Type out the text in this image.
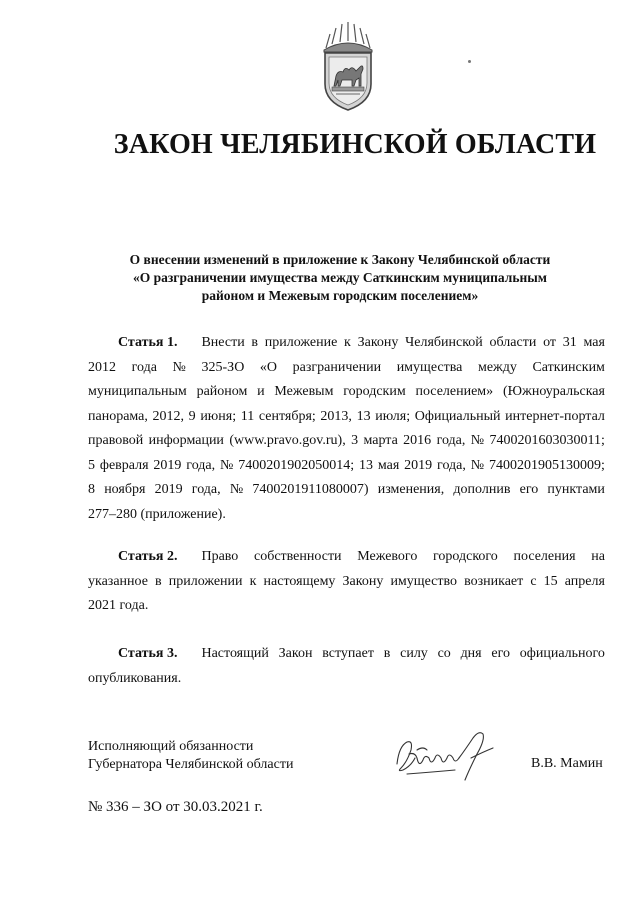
ЗАКОН ЧЕЛЯБИНСКОЙ ОБЛАСТИ
О внесении изменений в приложение к Закону Челябинской области
«О разграничении имущества между Саткинским муниципальным
районом и Межевым городским поселением»
Статья 1.	Внести в приложение к Закону Челябинской области от 31 мая
2012 года № 325-ЗО «О разграничении имущества между Саткинским
муниципальным районом и Межевым городским поселением» (Южноуральская
панорама, 2012, 9 июня; 11 сентября; 2013, 13 июля; Официальный интернет-портал
правовой информации (www.pravo.gov.ru), 3 марта 2016 года, № 7400201603030011;
5 февраля 2019 года, № 7400201902050014; 13 мая 2019 года, № 7400201905130009;
8 ноября 2019 года, № 7400201911080007) изменения, дополнив его пунктами
277–280 (приложение).
Статья 2.	Право собственности Межевого городского поселения на
указанное в приложении к настоящему Закону имущество возникает с 15 апреля
2021 года.
Статья 3.	Настоящий Закон вступает в силу со дня его официального
опубликования.
Исполняющий обязанности
Губернатора Челябинской области	В.В. Мамин
№ 336 – ЗО от 30.03.2021 г.
